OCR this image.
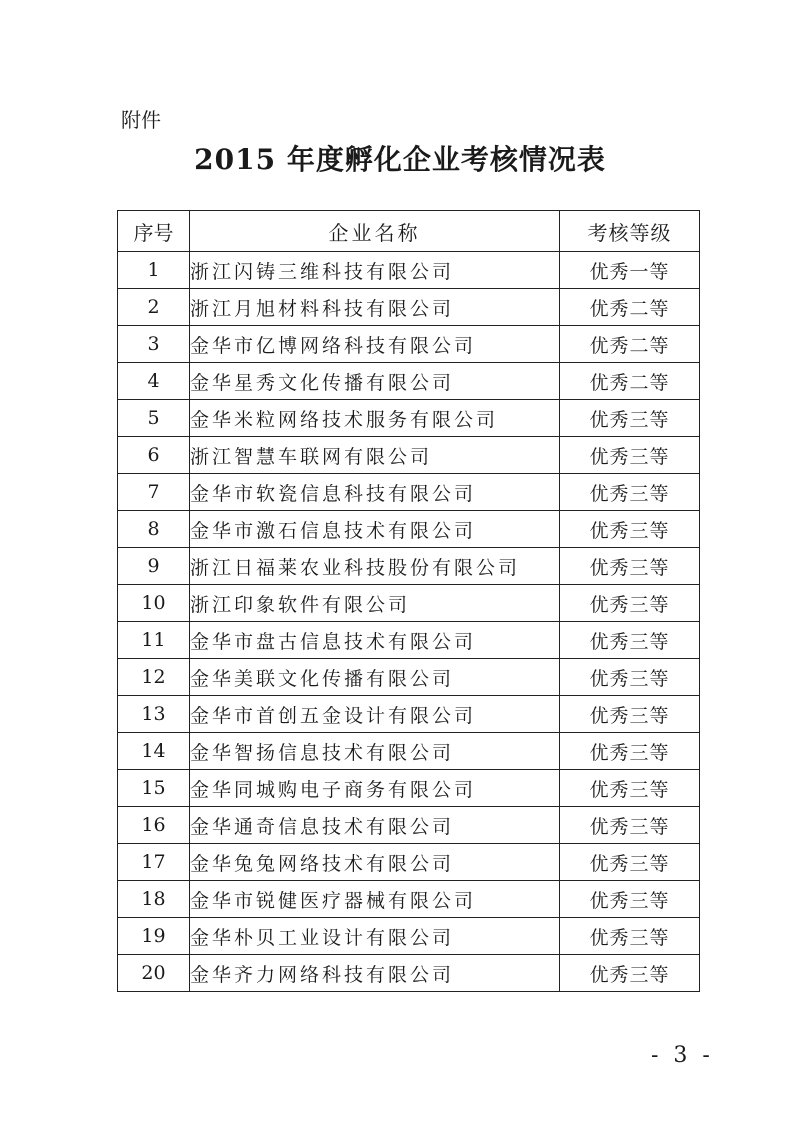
附件
2015 年度孵化企业考核情况表
序号	企业名称	考核等级
1	浙江闪铸三维科技有限公司	优秀一等
2	浙江月旭材料科技有限公司	优秀二等
3	金华市亿博网络科技有限公司	优秀二等
4	金华星秀文化传播有限公司	优秀二等
5	金华米粒网络技术服务有限公司	优秀三等
6	浙江智慧车联网有限公司	优秀三等
7	金华市软瓷信息科技有限公司	优秀三等
8	金华市激石信息技术有限公司	优秀三等
9	浙江日福莱农业科技股份有限公司	优秀三等
10	浙江印象软件有限公司	优秀三等
11	金华市盘古信息技术有限公司	优秀三等
12	金华美联文化传播有限公司	优秀三等
13	金华市首创五金设计有限公司	优秀三等
14	金华智扬信息技术有限公司	优秀三等
15	金华同城购电子商务有限公司	优秀三等
16	金华通奇信息技术有限公司	优秀三等
17	金华兔兔网络技术有限公司	优秀三等
18	金华市锐健医疗器械有限公司	优秀三等
19	金华朴贝工业设计有限公司	优秀三等
20	金华齐力网络科技有限公司	优秀三等
- 3 -
